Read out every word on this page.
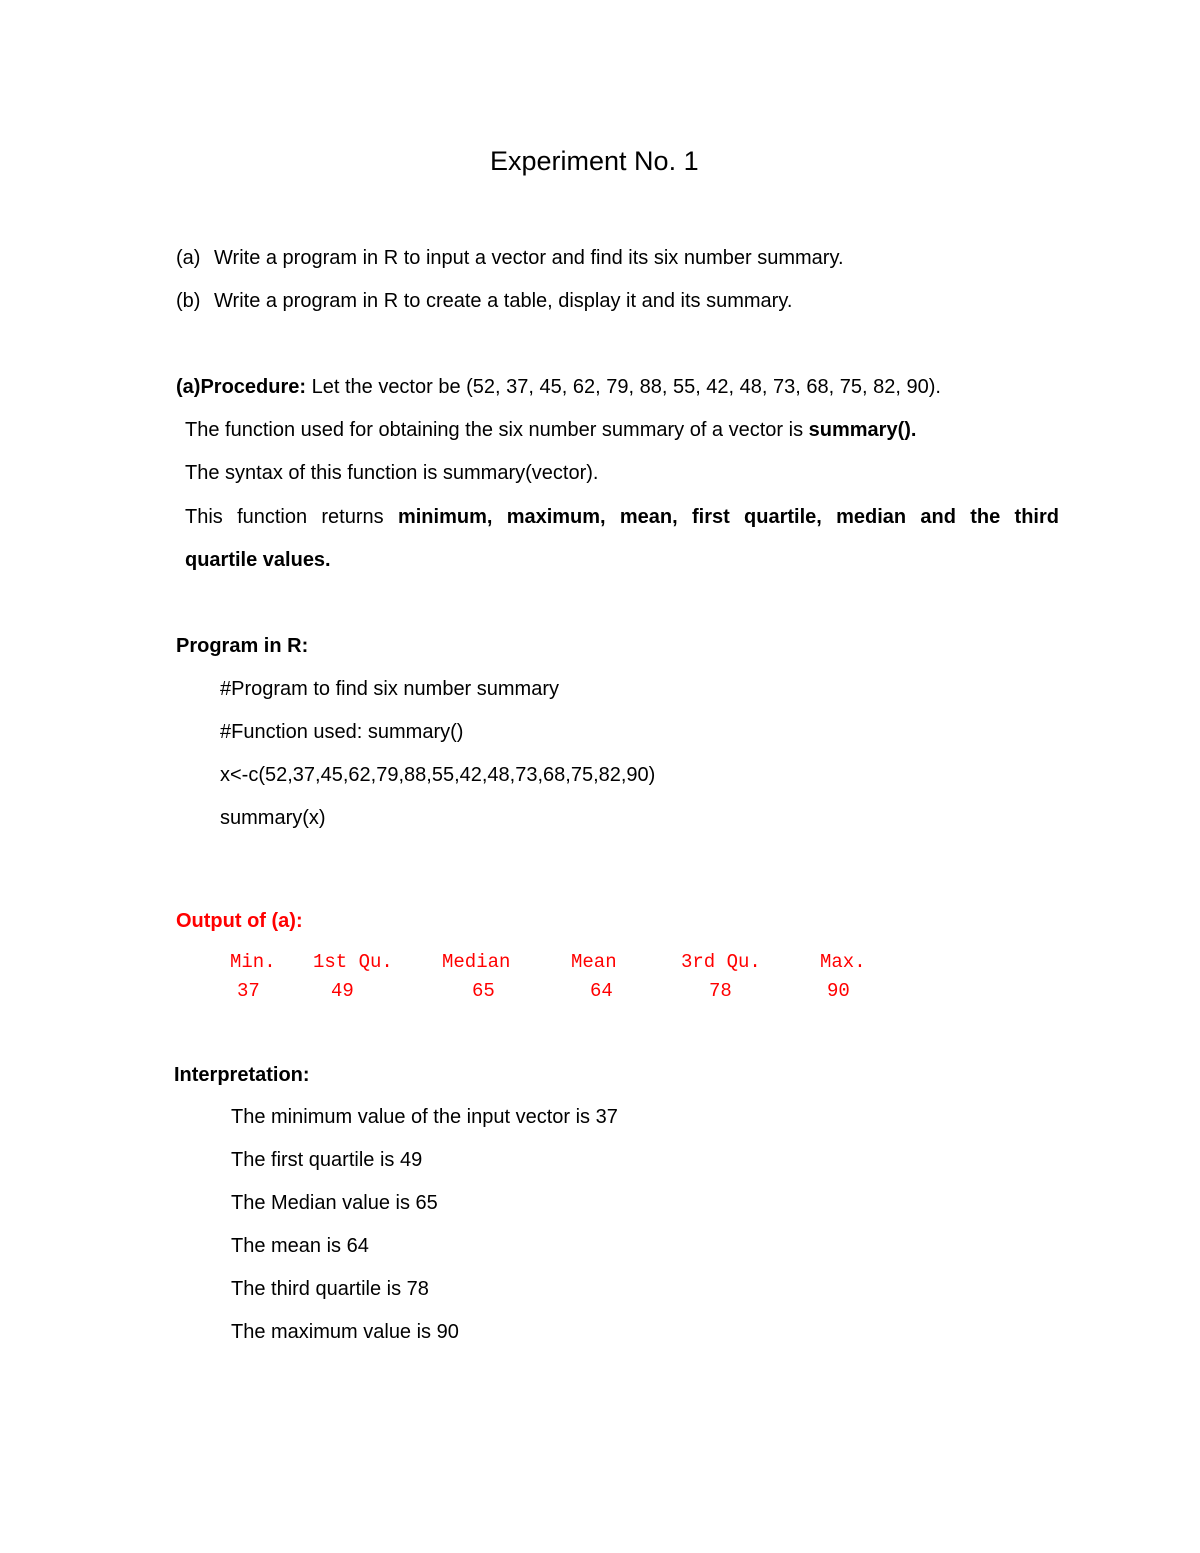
Experiment No. 1
(a) Write a program in R to input a vector and find its six number summary.
(b) Write a program in R to create a table, display it and its summary.
(a)Procedure: Let the vector be (52, 37, 45, 62, 79, 88, 55, 42, 48, 73, 68, 75, 82, 90).
The function used for obtaining the six number summary of a vector is summary().
The syntax of this function is summary(vector).
This function returns minimum, maximum, mean, first quartile, median and the third
quartile values.
Program in R:
#Program to find six number summary
#Function used: summary()
x<-c(52,37,45,62,79,88,55,42,48,73,68,75,82,90)
summary(x)
Output of (a):
Min. 1st Qu.	Median	Mean	3rd Qu.	Max.
37	49	65	64	78	90
Interpretation:
The minimum value of the input vector is 37
The first quartile is 49
The Median value is 65
The mean is 64
The third quartile is 78
The maximum value is 90
